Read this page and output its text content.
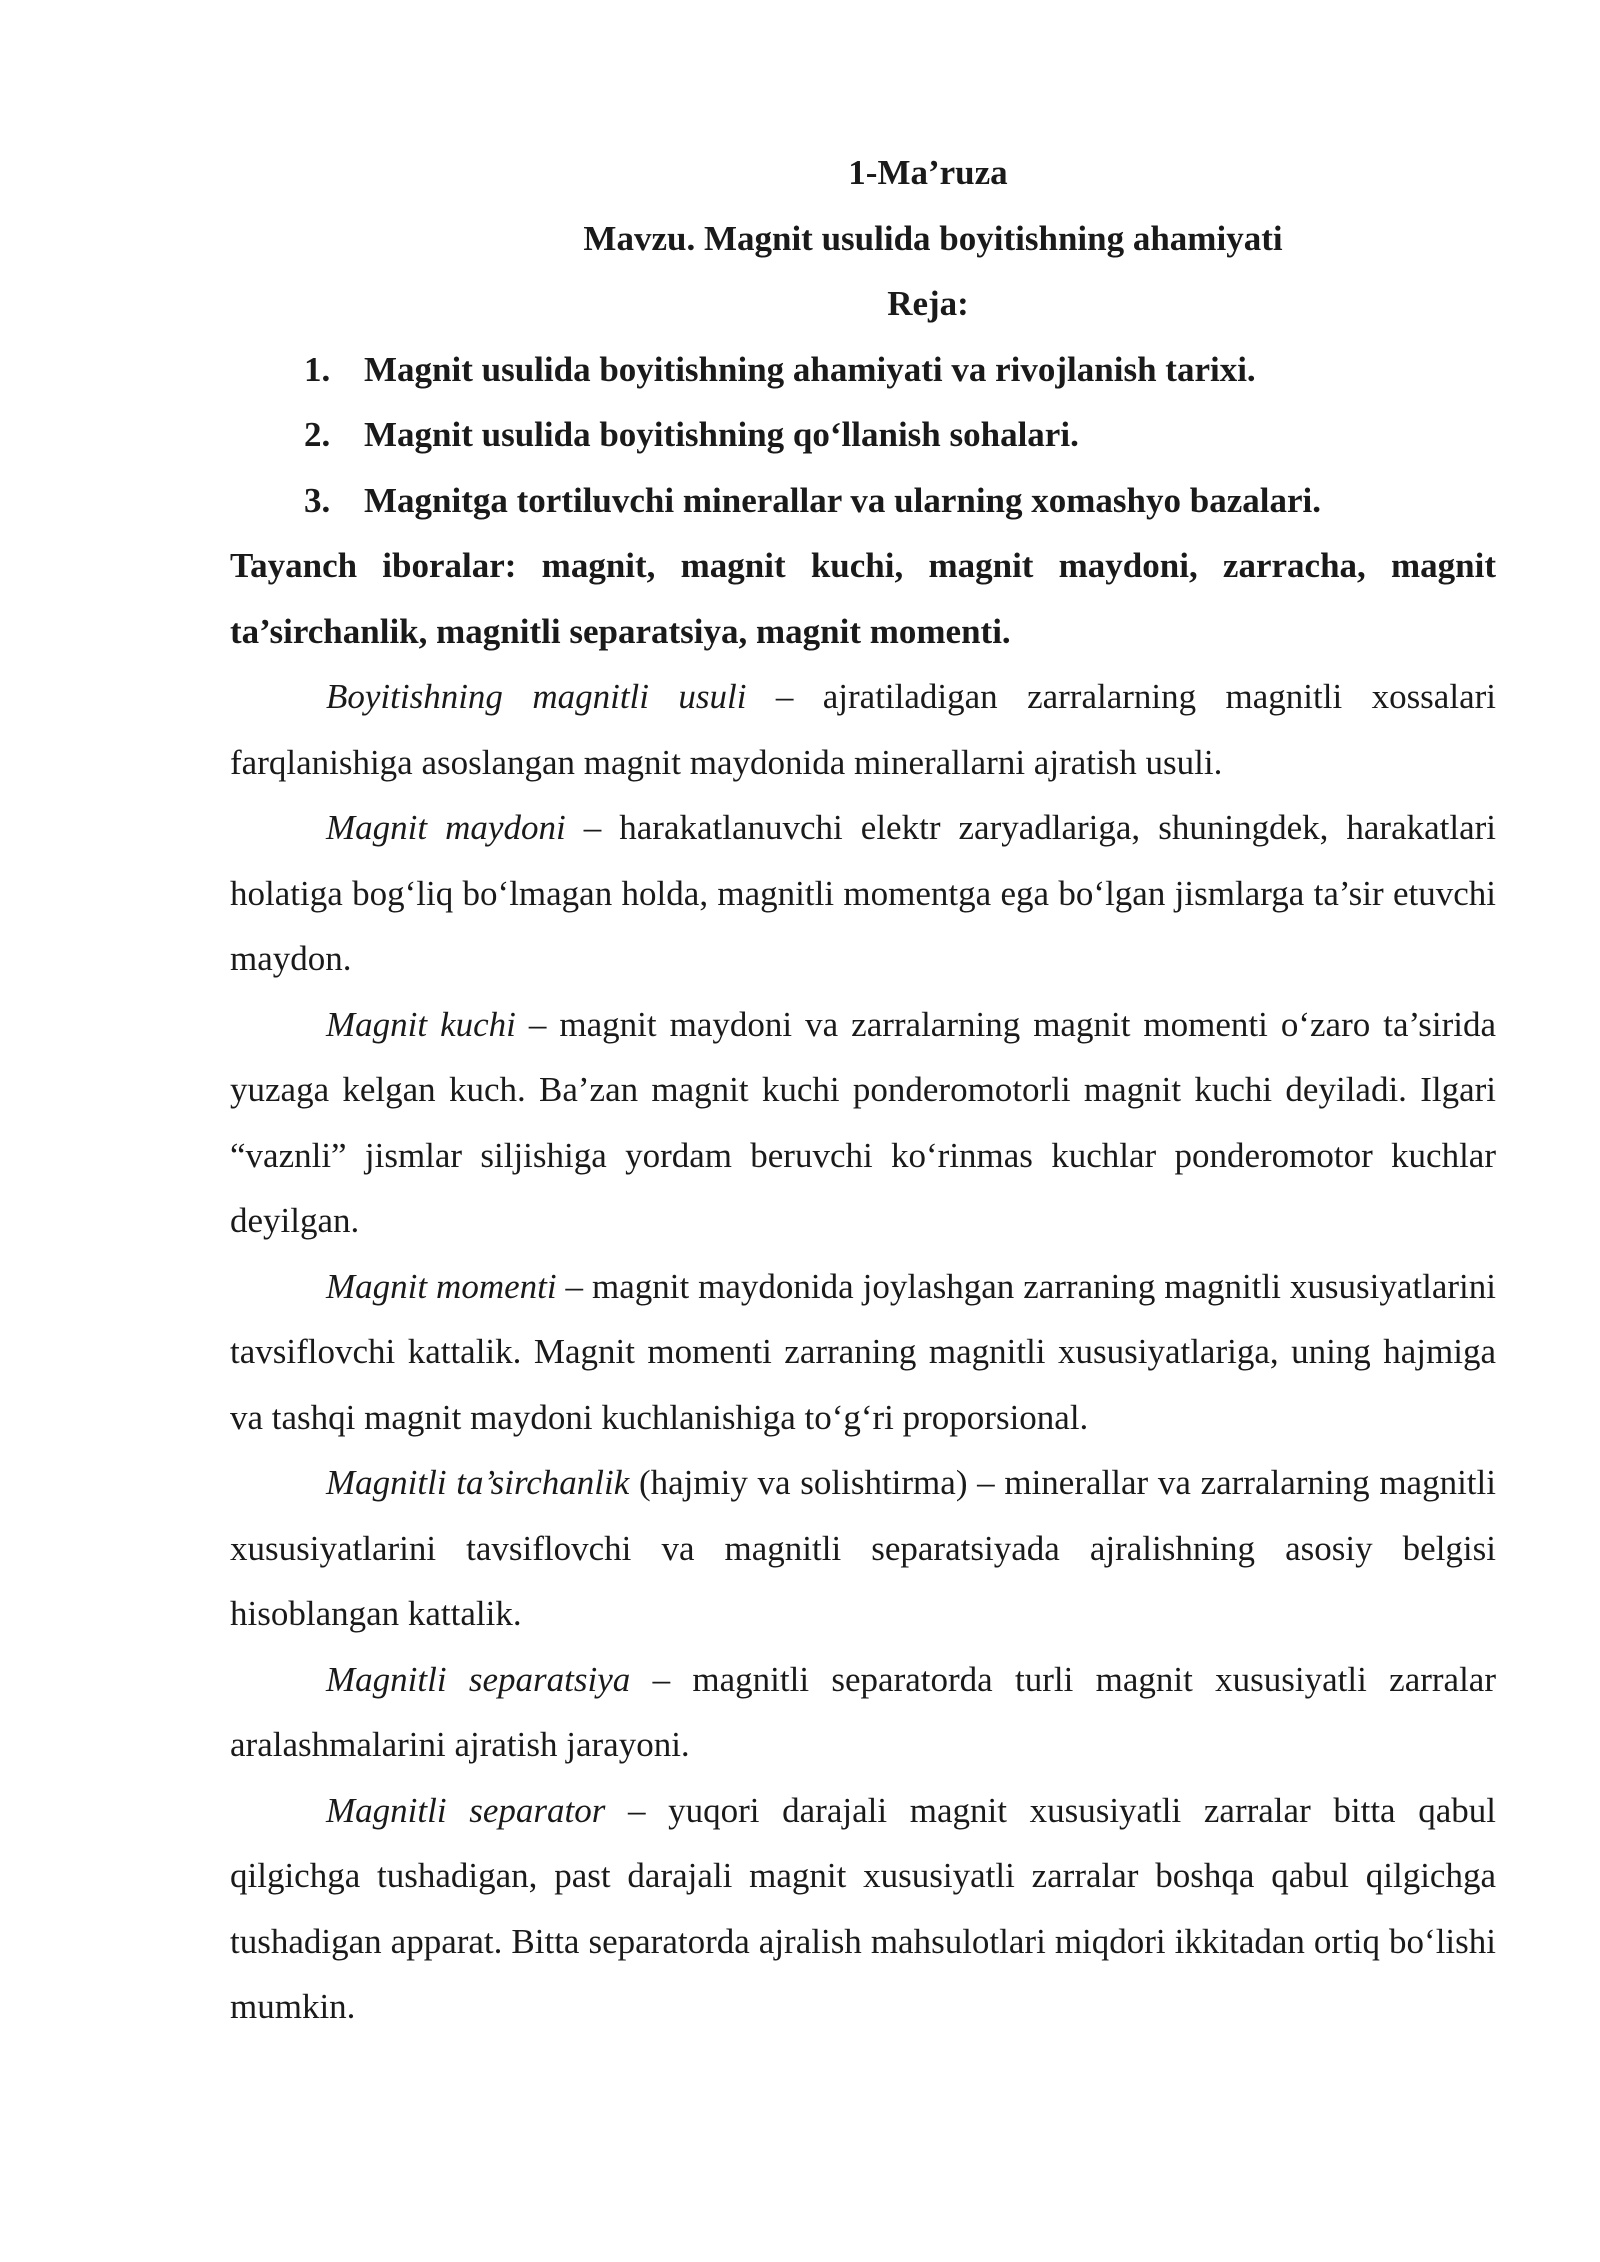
1-Ma’ruza

Mavzu. Magnit usulida boyitishning ahamiyati

Reja:

1. Magnit usulida boyitishning ahamiyati va rivojlanish tarixi.
2. Magnit usulida boyitishning qo‘llanish sohalari.
3. Magnitga tortiluvchi minerallar va ularning xomashyo bazalari.

Tayanch iboralar: magnit, magnit kuchi, magnit maydoni, zarracha, magnit ta’sirchanlik, magnitli separatsiya, magnit momenti.

Boyitishning magnitli usuli – ajratiladigan zarralarning magnitli xossalari farqlanishiga asoslangan magnit maydonida minerallarni ajratish usuli.

Magnit maydoni – harakatlanuvchi elektr zaryadlariga, shuningdek, harakatlari holatiga bog‘liq bo‘lmagan holda, magnitli momentga ega bo‘lgan jismlarga ta’sir etuvchi maydon.

Magnit kuchi – magnit maydoni va zarralarning magnit momenti o‘zaro ta’sirida yuzaga kelgan kuch. Ba’zan magnit kuchi ponderomotorli magnit kuchi deyiladi. Ilgari “vaznli” jismlar siljishiga yordam beruvchi ko‘rinmas kuchlar ponderomotor kuchlar deyilgan.

Magnit momenti – magnit maydonida joylashgan zarraning magnitli xususiyatlarini tavsiflovchi kattalik. Magnit momenti zarraning magnitli xususiyatlariga, uning hajmiga va tashqi magnit maydoni kuchlanishiga to‘g‘ri proporsional.

Magnitli ta’sirchanlik (hajmiy va solishtirma) – minerallar va zarralarning magnitli xususiyatlarini tavsiflovchi va magnitli separatsiyada ajralishning asosiy belgisi hisoblangan kattalik.

Magnitli separatsiya – magnitli separatorda turli magnit xususiyatli zarralar aralashmalarini ajratish jarayoni.

Magnitli separator – yuqori darajali magnit xususiyatli zarralar bitta qabul qilgichga tushadigan, past darajali magnit xususiyatli zarralar boshqa qabul qilgichga tushadigan apparat. Bitta separatorda ajralish mahsulotlari miqdori ikkitadan ortiq bo‘lishi mumkin.
